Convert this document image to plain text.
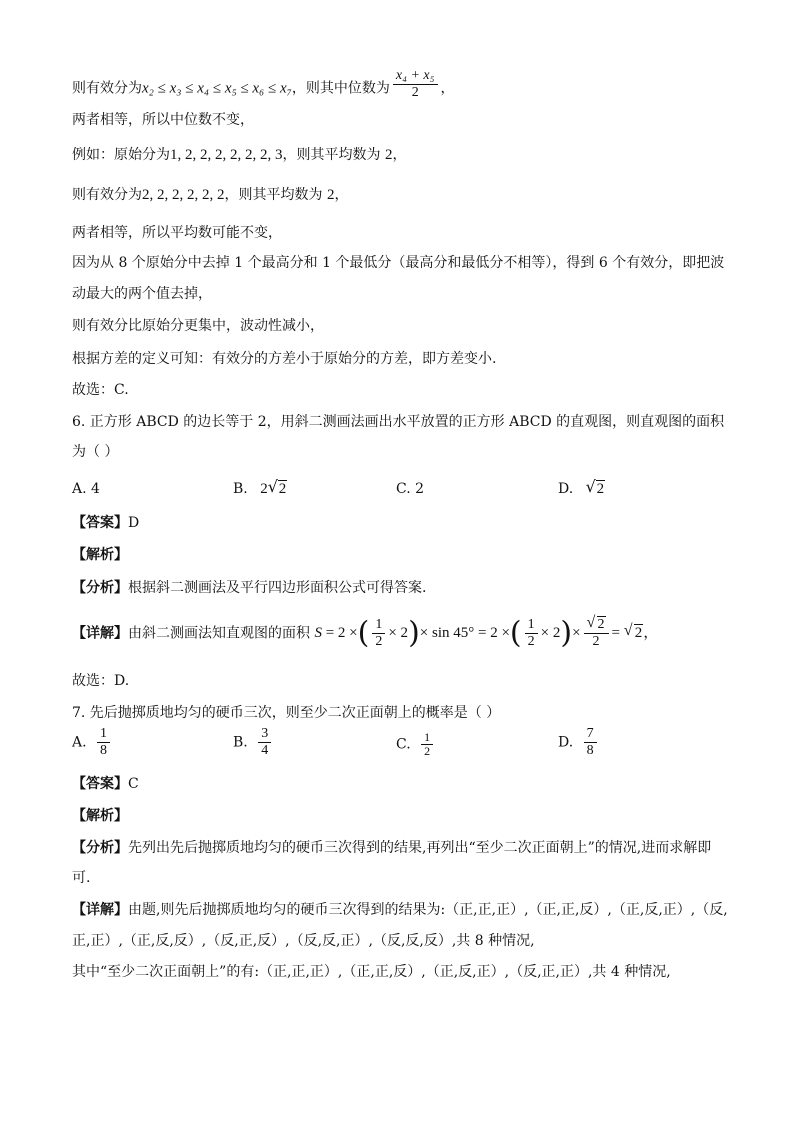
则有效分为x₂ ≤ x₃ ≤ x₄ ≤ x₅ ≤ x₆ ≤ x₇，则其中位数为 $\frac{\text{x₄ + x₅}}{2}$ ，
两者相等，所以中位数不变，
例如：原始分为1, 2, 2, 2, 2, 2, 2, 3，则其平均数为 2，
则有效分为2, 2, 2, 2, 2, 2，则其平均数为 2，
两者相等，所以平均数可能不变，
因为从 8 个原始分中去掉 1 个最高分和 1 个最低分（最高分和最低分不相等），得到 6 个有效分，即把波
动最大的两个值去掉，
则有效分比原始分更集中，波动性减小，
根据方差的定义可知：有效分的方差小于原始分的方差，即方差变小.
故选：C.
6. 正方形 ABCD 的边长等于 2，用斜二测画法画出水平放置的正方形 ABCD 的直观图，则直观图的面积
为（ ）
A. 4	B. 2 √ 2	C. 2	D. √ 2
【答案】D
【解析】
【分析】根据斜二测画法及平行四边形面积公式可得答案.
【详解】由斜二测画法知直观图的面积 S = 2 ×( $\frac{1}{2} \times 2)\times \sin 45^\circ = 2$ ×( $\frac{1}{2} \times 2)\times$ √ $\frac{2}{2}$ = √ 2，
故选：D.
7. 先后抛掷质地均匀的硬币三次，则至少二次正面朝上的概率是（ ）
A. $\frac{1}{8}$	B. $\frac{3}{4}$	C. $\frac{1}{2}$	D. $\frac{7}{8}$
【答案】C
【解析】
【分析】先列出先后抛掷质地均匀的硬币三次得到的结果,再列出“至少二次正面朝上”的情况,进而求解即
可.
【详解】由题,则先后抛掷质地均匀的硬币三次得到的结果为:（正,正,正）,（正,正,反）,（正,反,正）,（反,
正,正）,（正,反,反）,（反,正,反）,（反,反,正）,（反,反,反）,共 8 种情况,
其中“至少二次正面朝上”的有:（正,正,正）,（正,正,反）,（正,反,正）,（反,正,正）,共 4 种情况,
